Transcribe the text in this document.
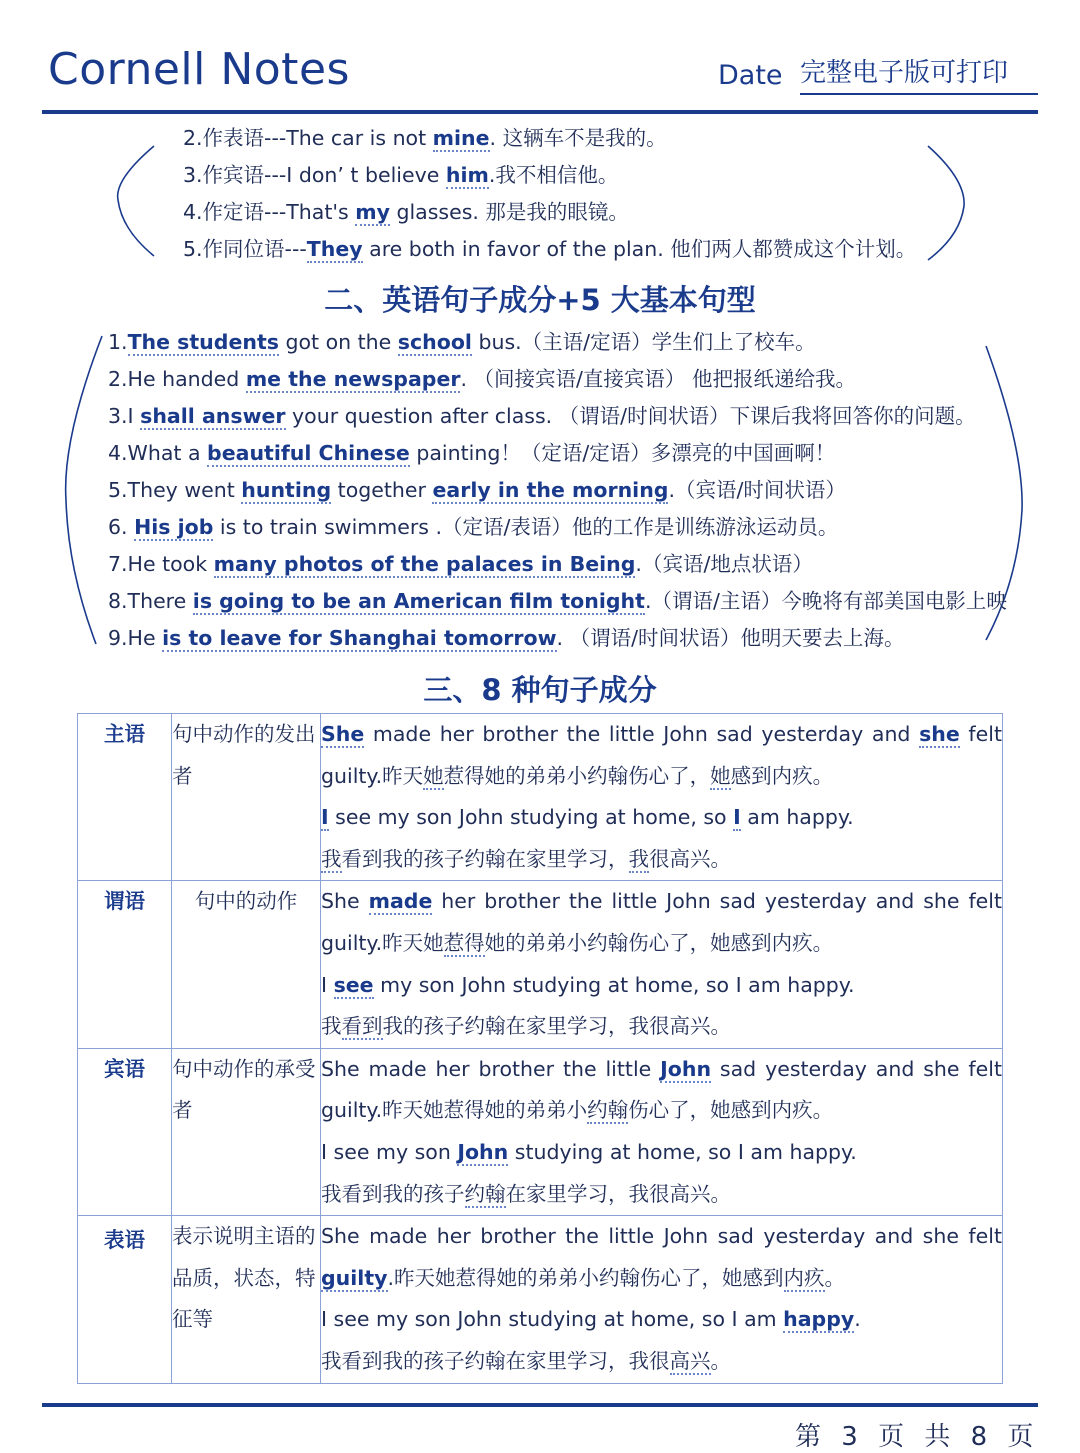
Cornell Notes	Date 完整电子版可打印
2.作表语---The car is not mine. 这辆车不是我的。
3.作宾语---I don’ t believe him.我不相信他。
4.作定语---That's my glasses. 那是我的眼镜。
5.作同位语---They are both in favor of the plan. 他们两人都赞成这个计划。
二、英语句子成分+5 大基本句型
1.The students got on the school bus.（主语/定语）学生们上了校车。
2.He handed me the newspaper. （间接宾语/直接宾语） 他把报纸递给我。
3.I shall answer your question after class. （谓语/时间状语）下课后我将回答你的问题。
4.What a beautiful Chinese painting！（定语/定语）多漂亮的中国画啊！
5.They went hunting together early in the morning.（宾语/时间状语）
6. His job is to train swimmers .（定语/表语）他的工作是训练游泳运动员。
7.He took many photos of the palaces in Being.（宾语/地点状语）
8.There is going to be an American film tonight.（谓语/主语）今晚将有部美国电影上映
9.He is to leave for Shanghai tomorrow. （谓语/时间状语）他明天要去上海。
三、8 种句子成分
主语	句中动作的发出者	She made her brother the little John sad yesterday and she felt
guilty.昨天她惹得她的弟弟小约翰伤心了，她感到内疚。
I see my son John studying at home, so I am happy.
我看到我的孩子约翰在家里学习，我很高兴。

谓语	句中的动作	She made her brother the little John sad yesterday and she felt
guilty.昨天她惹得她的弟弟小约翰伤心了，她感到内疚。
I see my son John studying at home, so I am happy.
我看到我的孩子约翰在家里学习，我很高兴。

宾语	句中动作的承受者	She made her brother the little John sad yesterday and she felt
guilty.昨天她惹得她的弟弟小约翰伤心了，她感到内疚。
I see my son John studying at home, so I am happy.
我看到我的孩子约翰在家里学习，我很高兴。

表语	表示说明主语的品质，状态，特征等	She made her brother the little John sad yesterday and she felt
guilty.昨天她惹得她的弟弟小约翰伤心了，她感到内疚。
I see my son John studying at home, so I am happy.
我看到我的孩子约翰在家里学习，我很高兴。
第 3 页 共 8 页
